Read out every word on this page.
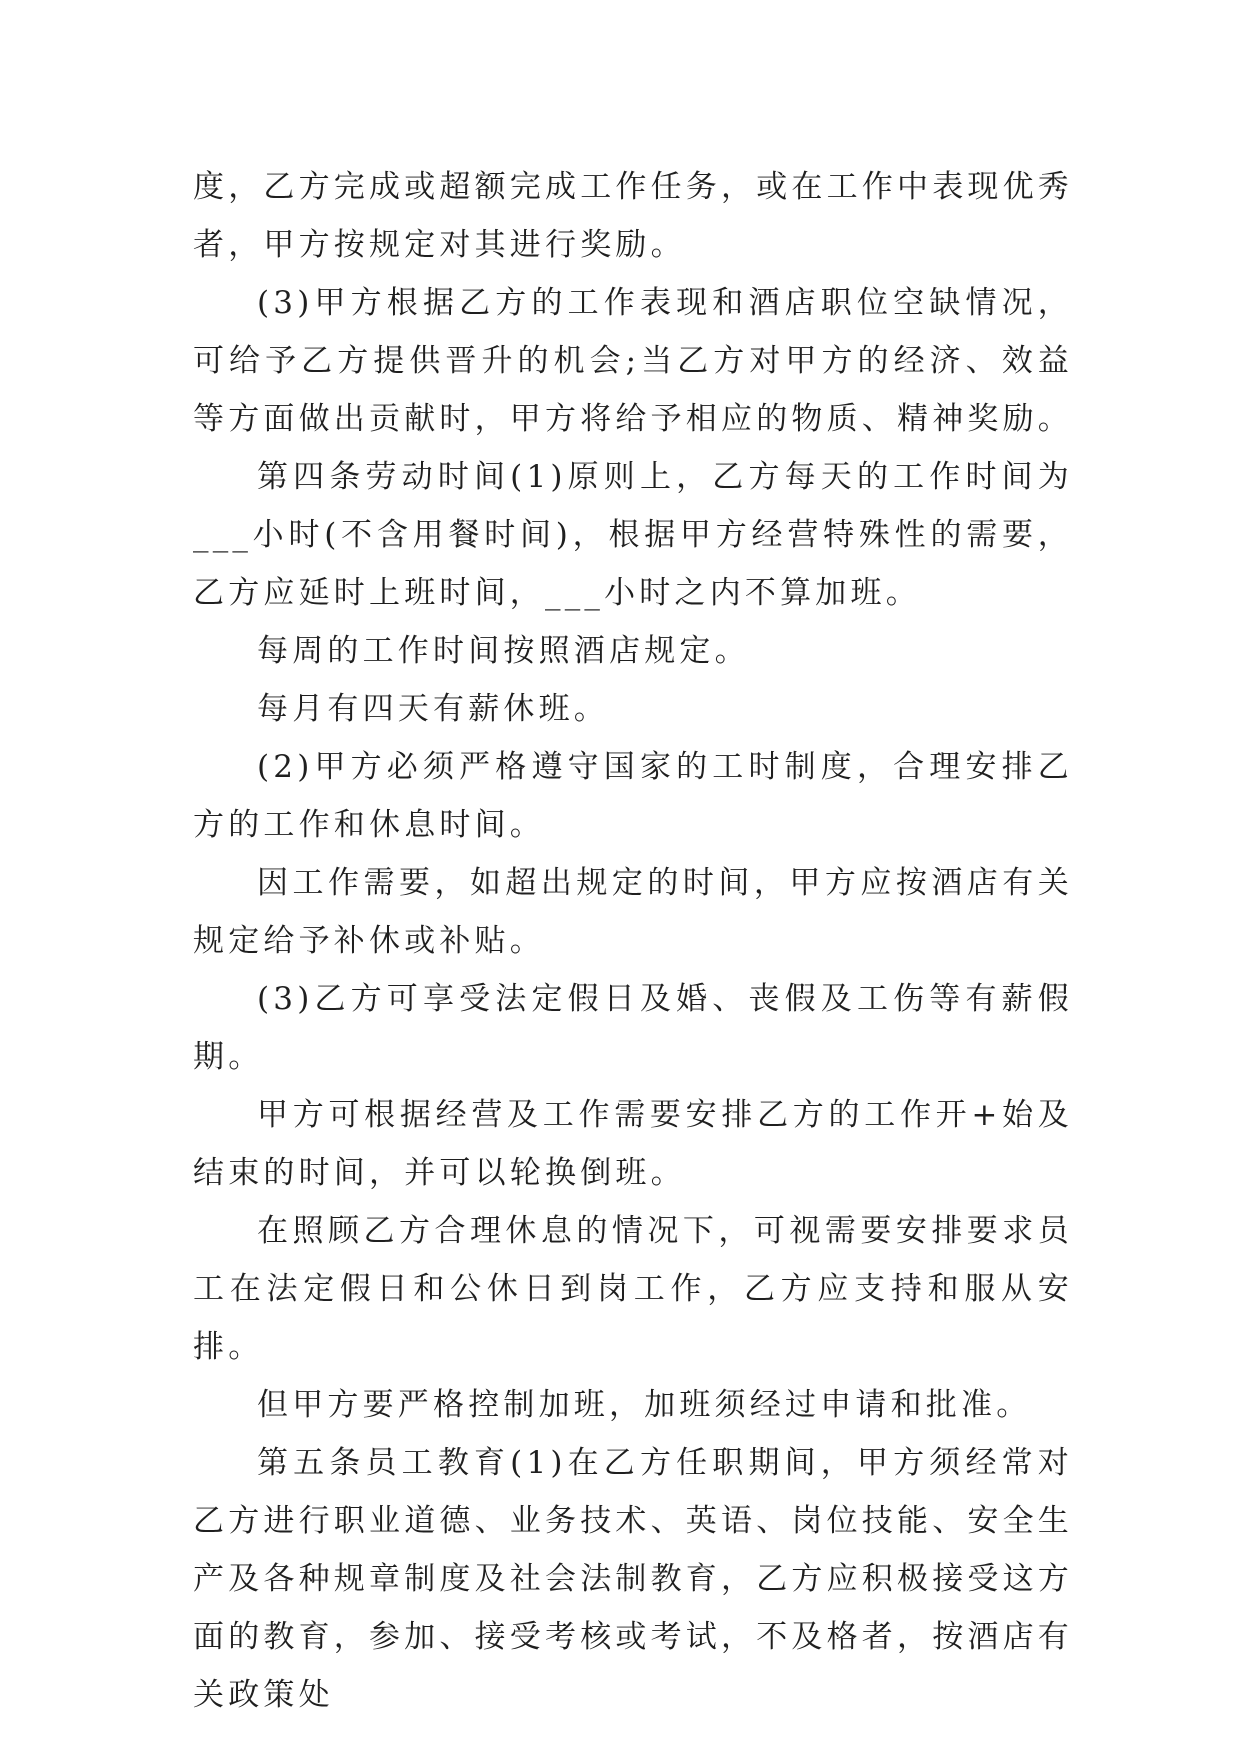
度，乙方完成或超额完成工作任务，或在工作中表现优秀者，甲方按规定对其进行奖励。

(3)甲方根据乙方的工作表现和酒店职位空缺情况，可给予乙方提供晋升的机会;当乙方对甲方的经济、效益等方面做出贡献时，甲方将给予相应的物质、精神奖励。

第四条劳动时间(1)原则上，乙方每天的工作时间为___小时(不含用餐时间)，根据甲方经营特殊性的需要，乙方应延时上班时间，___小时之内不算加班。

每周的工作时间按照酒店规定。

每月有四天有薪休班。

(2)甲方必须严格遵守国家的工时制度，合理安排乙方的工作和休息时间。

因工作需要，如超出规定的时间，甲方应按酒店有关规定给予补休或补贴。

(3)乙方可享受法定假日及婚、丧假及工伤等有薪假期。

甲方可根据经营及工作需要安排乙方的工作开+始及结束的时间，并可以轮换倒班。

在照顾乙方合理休息的情况下，可视需要安排要求员工在法定假日和公休日到岗工作，乙方应支持和服从安排。

但甲方要严格控制加班，加班须经过申请和批准。

第五条员工教育(1)在乙方任职期间，甲方须经常对乙方进行职业道德、业务技术、英语、岗位技能、安全生产及各种规章制度及社会法制教育，乙方应积极接受这方面的教育，参加、接受考核或考试，不及格者，按酒店有关政策处
